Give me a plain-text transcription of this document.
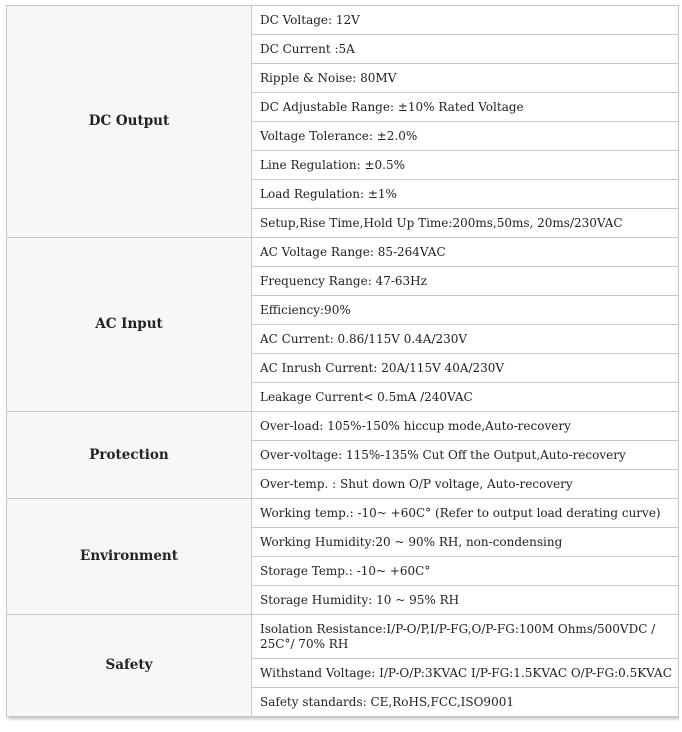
DC Output	DC Voltage: 12V
	DC Current :5A
	Ripple & Noise: 80MV
	DC Adjustable Range: ±10% Rated Voltage
	Voltage Tolerance: ±2.0%
	Line Regulation: ±0.5%
	Load Regulation: ±1%
	Setup,Rise Time,Hold Up Time:200ms,50ms, 20ms/230VAC
AC Input	AC Voltage Range: 85-264VAC
	Frequency Range: 47-63Hz
	Efficiency:90%
	AC Current: 0.86/115V 0.4A/230V
	AC Inrush Current: 20A/115V 40A/230V
	Leakage Current< 0.5mA /240VAC
Protection	Over-load: 105%-150% hiccup mode,Auto-recovery
	Over-voltage: 115%-135% Cut Off the Output,Auto-recovery
	Over-temp. : Shut down O/P voltage, Auto-recovery
Environment	Working temp.: -10~ +60C° (Refer to output load derating curve)
	Working Humidity:20 ~ 90% RH, non-condensing
	Storage Temp.: -10~ +60C°
	Storage Humidity: 10 ~ 95% RH
Safety	Isolation Resistance:I/P-O/P,I/P-FG,O/P-FG:100M Ohms/500VDC / 25C°/ 70% RH
	Withstand Voltage: I/P-O/P:3KVAC I/P-FG:1.5KVAC O/P-FG:0.5KVAC
	Safety standards: CE,RoHS,FCC,ISO9001
